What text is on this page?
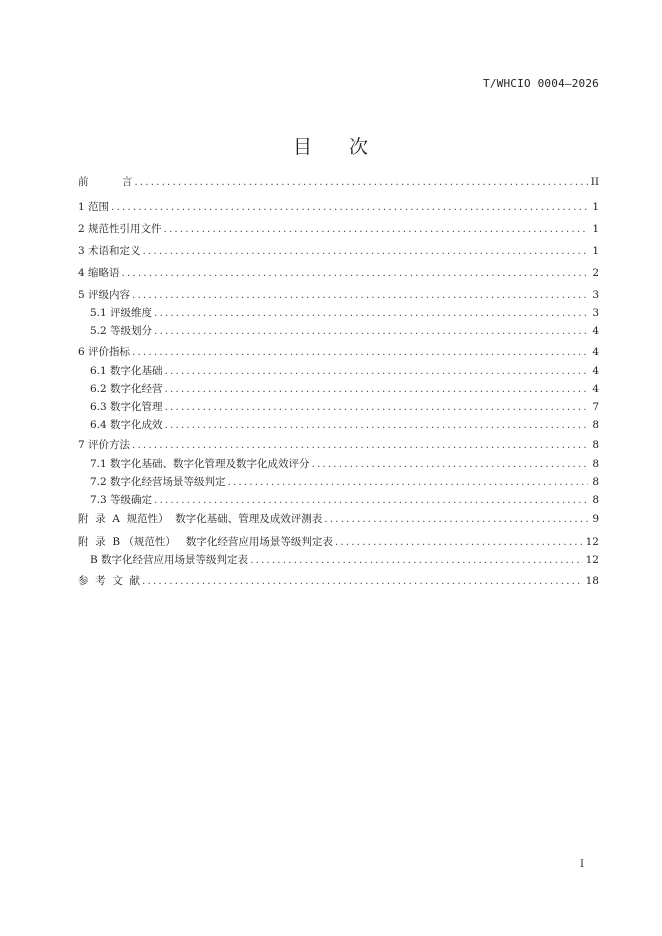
T/WHCIO 0004—2026
目 次
前          言 .....	II
1 范围 .....	1
2 规范性引用文件 .....	1
3 术语和定义 .....	1
4 缩略语 .....	2
5 评级内容 .....	3
5.1 评级维度 .....	3
5.2 等级划分 .....	4
6 评价指标 .....	4
6.1 数字化基础 .....	4
6.2 数字化经营 .....	4
6.3 数字化管理 .....	7
6.4 数字化成效 .....	8
7 评价方法 .....	8
7.1 数字化基础、数字化管理及数字化成效评分 .....	8
7.2 数字化经营场景等级判定 .....	8
7.3 等级确定 .....	8
附  录  A  规范性）  数字化基础、管理及成效评测表 .....	9
附  录  B （规范性）   数字化经营应用场景等级判定表 .....	12
B 数字化经营应用场景等级判定表 .....	12
参  考  文  献 .....	18
I
